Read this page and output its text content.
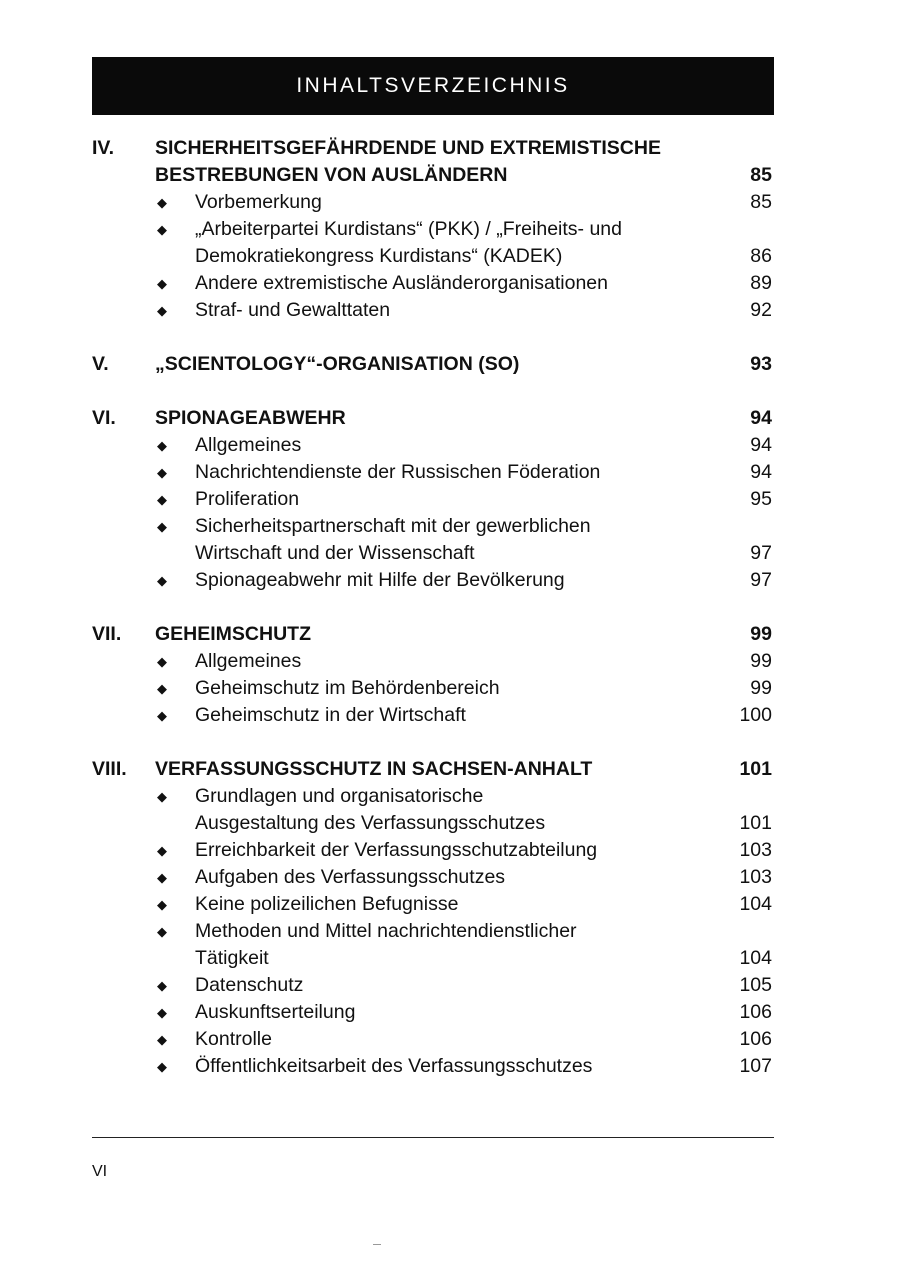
INHALTSVERZEICHNIS
IV.	SICHERHEITSGEFÄHRDENDE UND EXTREMISTISCHE
BESTREBUNGEN VON AUSLÄNDERN	85
◆	Vorbemerkung	85
◆	„Arbeiterpartei Kurdistans“ (PKK) / „Freiheits- und
Demokratiekongress Kurdistans“ (KADEK)	86
◆	Andere extremistische Ausländerorganisationen	89
◆	Straf- und Gewalttaten	92
V.	„SCIENTOLOGY“-ORGANISATION (SO)	93
VI.	SPIONAGEABWEHR	94
◆	Allgemeines	94
◆	Nachrichtendienste der Russischen Föderation	94
◆	Proliferation	95
◆	Sicherheitspartnerschaft mit der gewerblichen
Wirtschaft und der Wissenschaft	97
◆	Spionageabwehr mit Hilfe der Bevölkerung	97
VII.	GEHEIMSCHUTZ	99
◆	Allgemeines	99
◆	Geheimschutz im Behördenbereich	99
◆	Geheimschutz in der Wirtschaft	100
VIII.	VERFASSUNGSSCHUTZ IN SACHSEN-ANHALT	101
◆	Grundlagen und organisatorische
Ausgestaltung des Verfassungsschutzes	101
◆	Erreichbarkeit der Verfassungsschutzabteilung	103
◆	Aufgaben des Verfassungsschutzes	103
◆	Keine polizeilichen Befugnisse	104
◆	Methoden und Mittel nachrichtendienstlicher
Tätigkeit	104
◆	Datenschutz	105
◆	Auskunftserteilung	106
◆	Kontrolle	106
◆	Öffentlichkeitsarbeit des Verfassungsschutzes	107
VI
